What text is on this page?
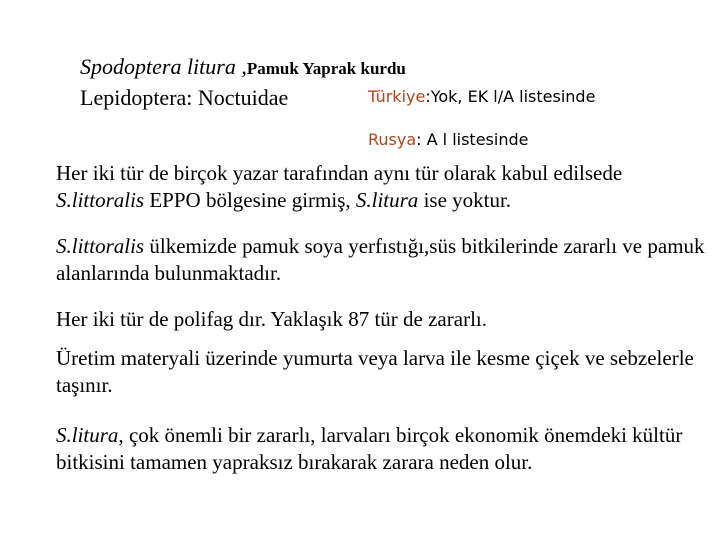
Spodoptera litura ,Pamuk Yaprak kurdu
Lepidoptera: Noctuidae	Türkiye:Yok, EK l/A listesinde
Rusya: A l listesinde
Her iki tür de birçok yazar tarafından aynı tür olarak kabul edilsede S.littoralis EPPO bölgesine girmiş, S.litura ise yoktur.
S.littoralis ülkemizde pamuk soya yerfıstığı,süs bitkilerinde zararlı ve pamuk alanlarında bulunmaktadır.
Her iki tür de polifag dır. Yaklaşık 87 tür de zararlı.
Üretim materyali üzerinde yumurta veya larva ile kesme çiçek ve sebzelerle taşınır.
S.litura, çok önemli bir zararlı, larvaları birçok ekonomik önemdeki kültür bitkisini tamamen yapraksız bırakarak zarara neden olur.
